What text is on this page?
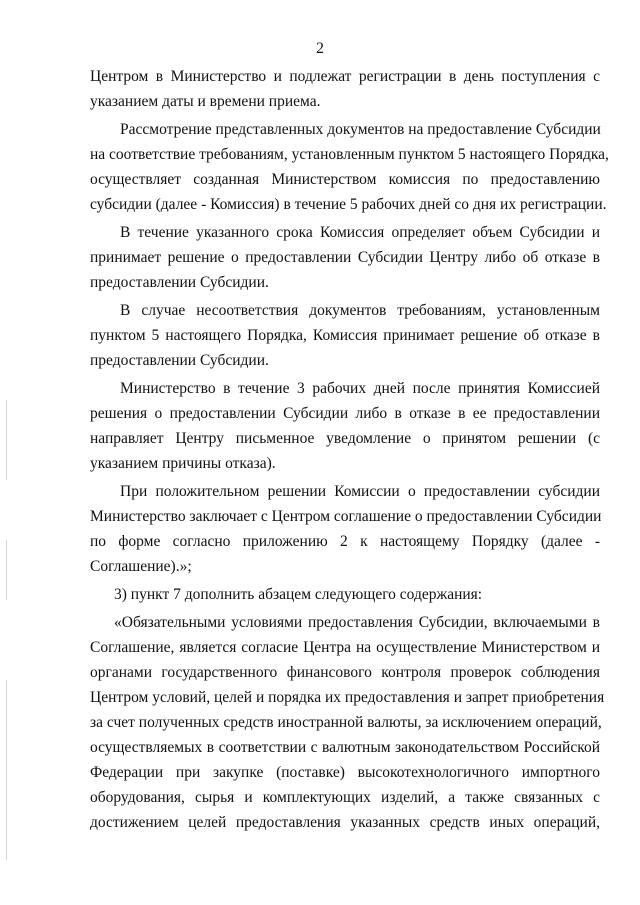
2
Центром в Министерство и подлежат регистрации в день поступления с
указанием даты и времени приема.
Рассмотрение представленных документов на предоставление Субсидии
на соответствие требованиям, установленным пунктом 5 настоящего Порядка,
осуществляет созданная Министерством комиссия по предоставлению
субсидии (далее - Комиссия) в течение 5 рабочих дней со дня их регистрации.
В течение указанного срока Комиссия определяет объем Субсидии и
принимает решение о предоставлении Субсидии Центру либо об отказе в
предоставлении Субсидии.
В случае несоответствия документов требованиям, установленным
пунктом 5 настоящего Порядка, Комиссия принимает решение об отказе в
предоставлении Субсидии.
Министерство в течение 3 рабочих дней после принятия Комиссией
решения о предоставлении Субсидии либо в отказе в ее предоставлении
направляет Центру письменное уведомление о принятом решении (с
указанием причины отказа).
При положительном решении Комиссии о предоставлении субсидии
Министерство заключает с Центром соглашение о предоставлении Субсидии
по форме согласно приложению 2 к настоящему Порядку (далее -
Соглашение).»;
3) пункт 7 дополнить абзацем следующего содержания:
«Обязательными условиями предоставления Субсидии, включаемыми в
Соглашение, является согласие Центра на осуществление Министерством и
органами государственного финансового контроля проверок соблюдения
Центром условий, целей и порядка их предоставления и запрет приобретения
за счет полученных средств иностранной валюты, за исключением операций,
осуществляемых в соответствии с валютным законодательством Российской
Федерации при закупке (поставке) высокотехнологичного импортного
оборудования, сырья и комплектующих изделий, а также связанных с
достижением целей предоставления указанных средств иных операций,
